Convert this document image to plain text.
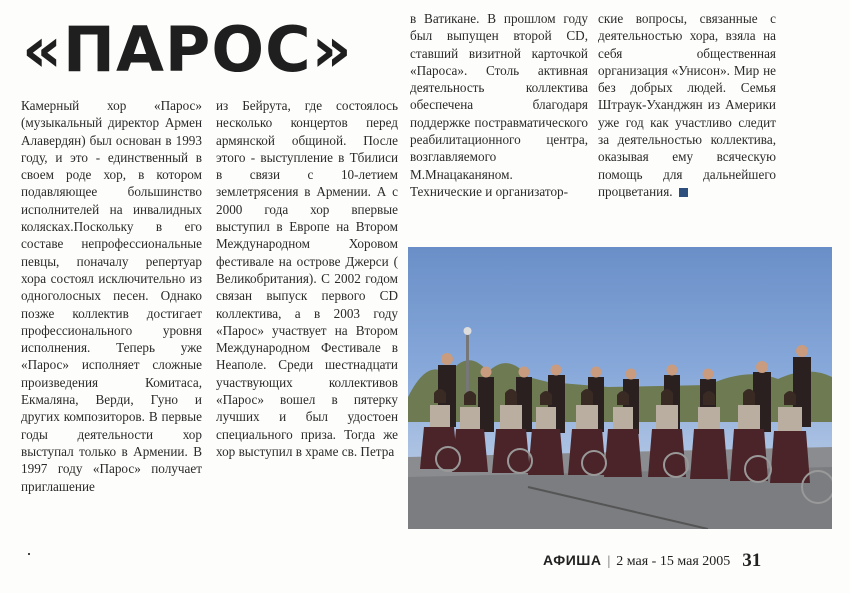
«ПАРОС»

Камерный хор «Парос» (музыкальный директор Армен Алавердян) был основан в 1993 году, и это - единственный в своем роде хор, в котором подавляющее большинство исполнителей на инвалидных колясках.Поскольку в его составе непрофессиональные певцы, поначалу репертуар хора состоял исключительно из одноголосных песен. Однако позже коллектив достигает профессионального уровня исполнения. Теперь уже «Парос» исполняет сложные произведения Комитаса, Екмаляна, Верди, Гуно и других композиторов. В первые годы деятельности хор выступал только в Армении. В 1997 году «Парос» получает приглашение

из Бейрута, где состоялось несколько концертов перед армянской общиной. После этого - выступление в Тбилиси в связи с 10-летием землетрясения в Армении. А с 2000 года хор впервые выступил в Европе на Втором Международном Хоровом фестивале на острове Джерси ( Великобритания). С 2002 годом связан выпуск первого CD коллектива, а в 2003 году «Парос» участвует на Втором Международном Фестивале в Неаполе. Среди шестнадцати участвующих коллективов «Парос» вошел в пятерку лучших и был удостоен специального приза. Тогда же хор выступил в храме св. Петра

в Ватикане. В прошлом году был выпущен второй CD, ставший визитной карточкой «Пароса». Столь активная деятельность коллектива обеспечена благодаря поддержке постравматического реабилитационного центра, возглавляемого М.Мнацаканяном. Технические и организатор-

ские вопросы, связанные с деятельностью хора, взяла на себя общественная организация «Унисон». Мир не без добрых людей. Семья Штраук-Уханджян из Америки уже год как участливо следит за деятельностью коллектива, оказывая ему всяческую помощь для дальнейшего процветания.

АФИША | 2 мая - 15 мая 2005 31
